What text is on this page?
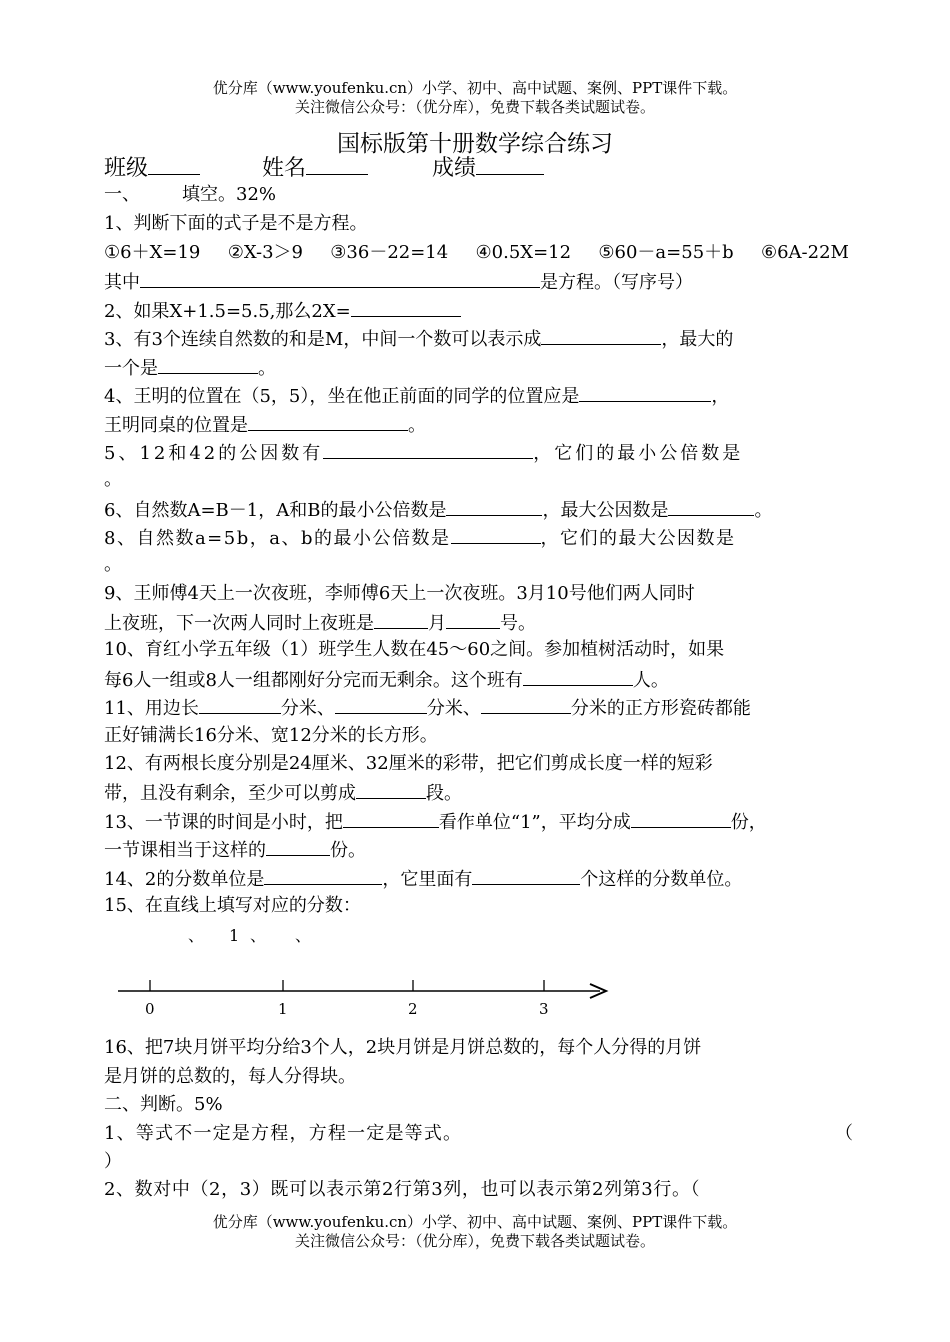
优分库（www.youfenku.cn）小学、初中、高中试题、案例、PPT课件下载。
关注微信公众号：（优分库），免费下载各类试题试卷。
国标版第十册数学综合练习
班级	姓名	成绩
一、 填空。32%
1、判断下面的式子是不是方程。
①6＋X=19 ②X-3＞9 ③36－22=14 ④0.5X=12 ⑤60－a=55＋b ⑥6A-22M
其中	是方程。（写序号）
2、如果X+1.5=5.5,那么2X=
3、有3个连续自然数的和是M，中间一个数可以表示成	，最大的
一个是	。
4、王明的位置在（5，5），坐在他正前面的同学的位置应是	，
王明同桌的位置是	。
5、12和42的公因数有	，它们的最小公倍数是
。
6、自然数A=B－1，A和B的最小公倍数是	，最大公因数是	。
8、自然数a=5b，a、b的最小公倍数是	，它们的最大公因数是
。
9、王师傅4天上一次夜班，李师傅6天上一次夜班。3月10号他们两人同时
上夜班，下一次两人同时上夜班是	月	号。
10、育红小学五年级（1）班学生人数在45～60之间。参加植树活动时，如果
每6人一组或8人一组都刚好分完而无剩余。这个班有	人。
11、用边长	分米、	分米、	分米的正方形瓷砖都能
正好铺满长16分米、宽12分米的长方形。
12、有两根长度分别是24厘米、32厘米的彩带，把它们剪成长度一样的短彩
带，且没有剩余，至少可以剪成	段。
13、一节课的时间是小时，把	看作单位“1”，平均分成	份，
一节课相当于这样的	份。
14、2的分数单位是	，它里面有	个这样的分数单位。
15、在直线上填写对应的分数：
、 1 、 、
0	1	2	3
16、把7块月饼平均分给3个人，2块月饼是月饼总数的，每个人分得的月饼
是月饼的总数的，每人分得块。
二、判断。5%
1、等式不一定是方程，方程一定是等式。	（
）
2、数对中（2，3）既可以表示第2行第3列，也可以表示第2列第3行。（
优分库（www.youfenku.cn）小学、初中、高中试题、案例、PPT课件下载。
关注微信公众号：（优分库），免费下载各类试题试卷。
